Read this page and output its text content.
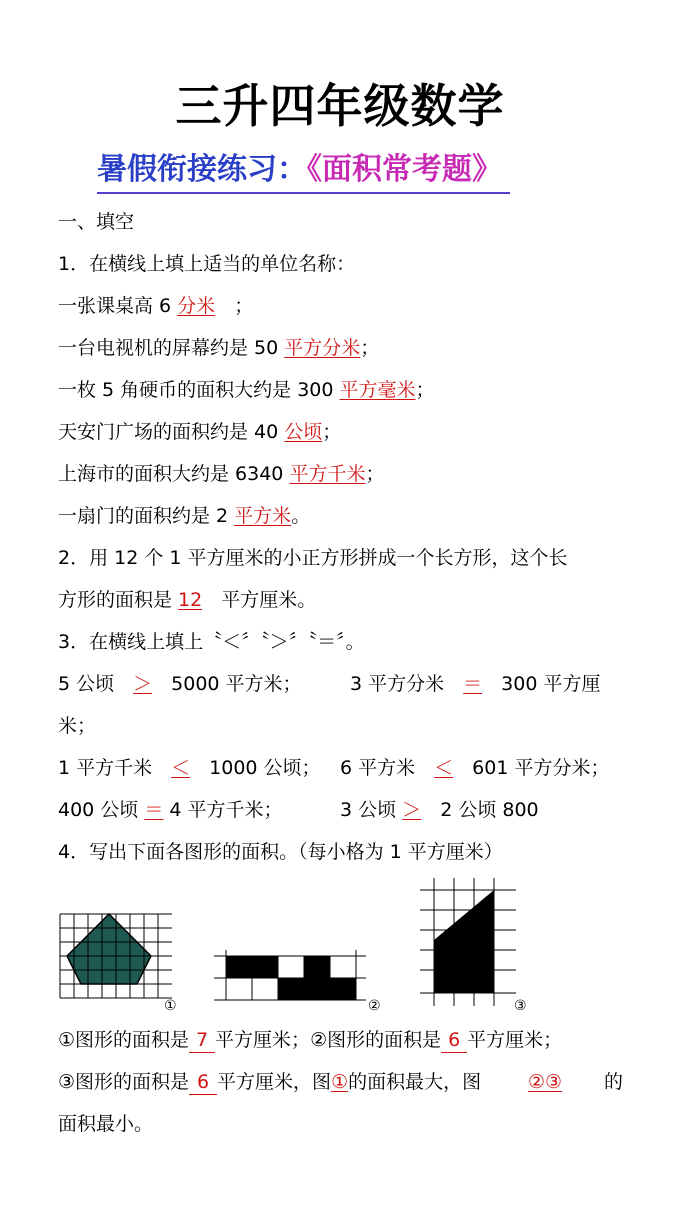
三升四年级数学
暑假衔接练习：《面积常考题》
一、填空
1．在横线上填上适当的单位名称：
一张课桌高 6 分米　；
一台电视机的屏幕约是 50 平方分米；
一枚 5 角硬币的面积大约是 300 平方毫米；
天安门广场的面积约是 40 公顷；
上海市的面积大约是 6340 平方千米；
一扇门的面积约是 2 平方米。
2．用 12 个 1 平方厘米的小正方形拼成一个长方形，这个长
方形的面积是 12　平方厘米。
3．在横线上填上〝＜〞〝＞〞〝＝〞。
5 公顷　＞　5000 平方米；	3 平方分米　＝　300 平方厘
米；
1 平方千米　＜　1000 公顷； 6 平方米　＜　601 平方分米；
400 公顷 ＝ 4 平方千米；	3 公顷 ＞　2 公顷 800
4．写出下面各图形的面积。（每小格为 1 平方厘米）
①	②	③
①图形的面积是 7 平方厘米；②图形的面积是 6 平方厘米；
③图形的面积是 6 平方厘米，图①的面积最大，图 ②③ 的
面积最小。
